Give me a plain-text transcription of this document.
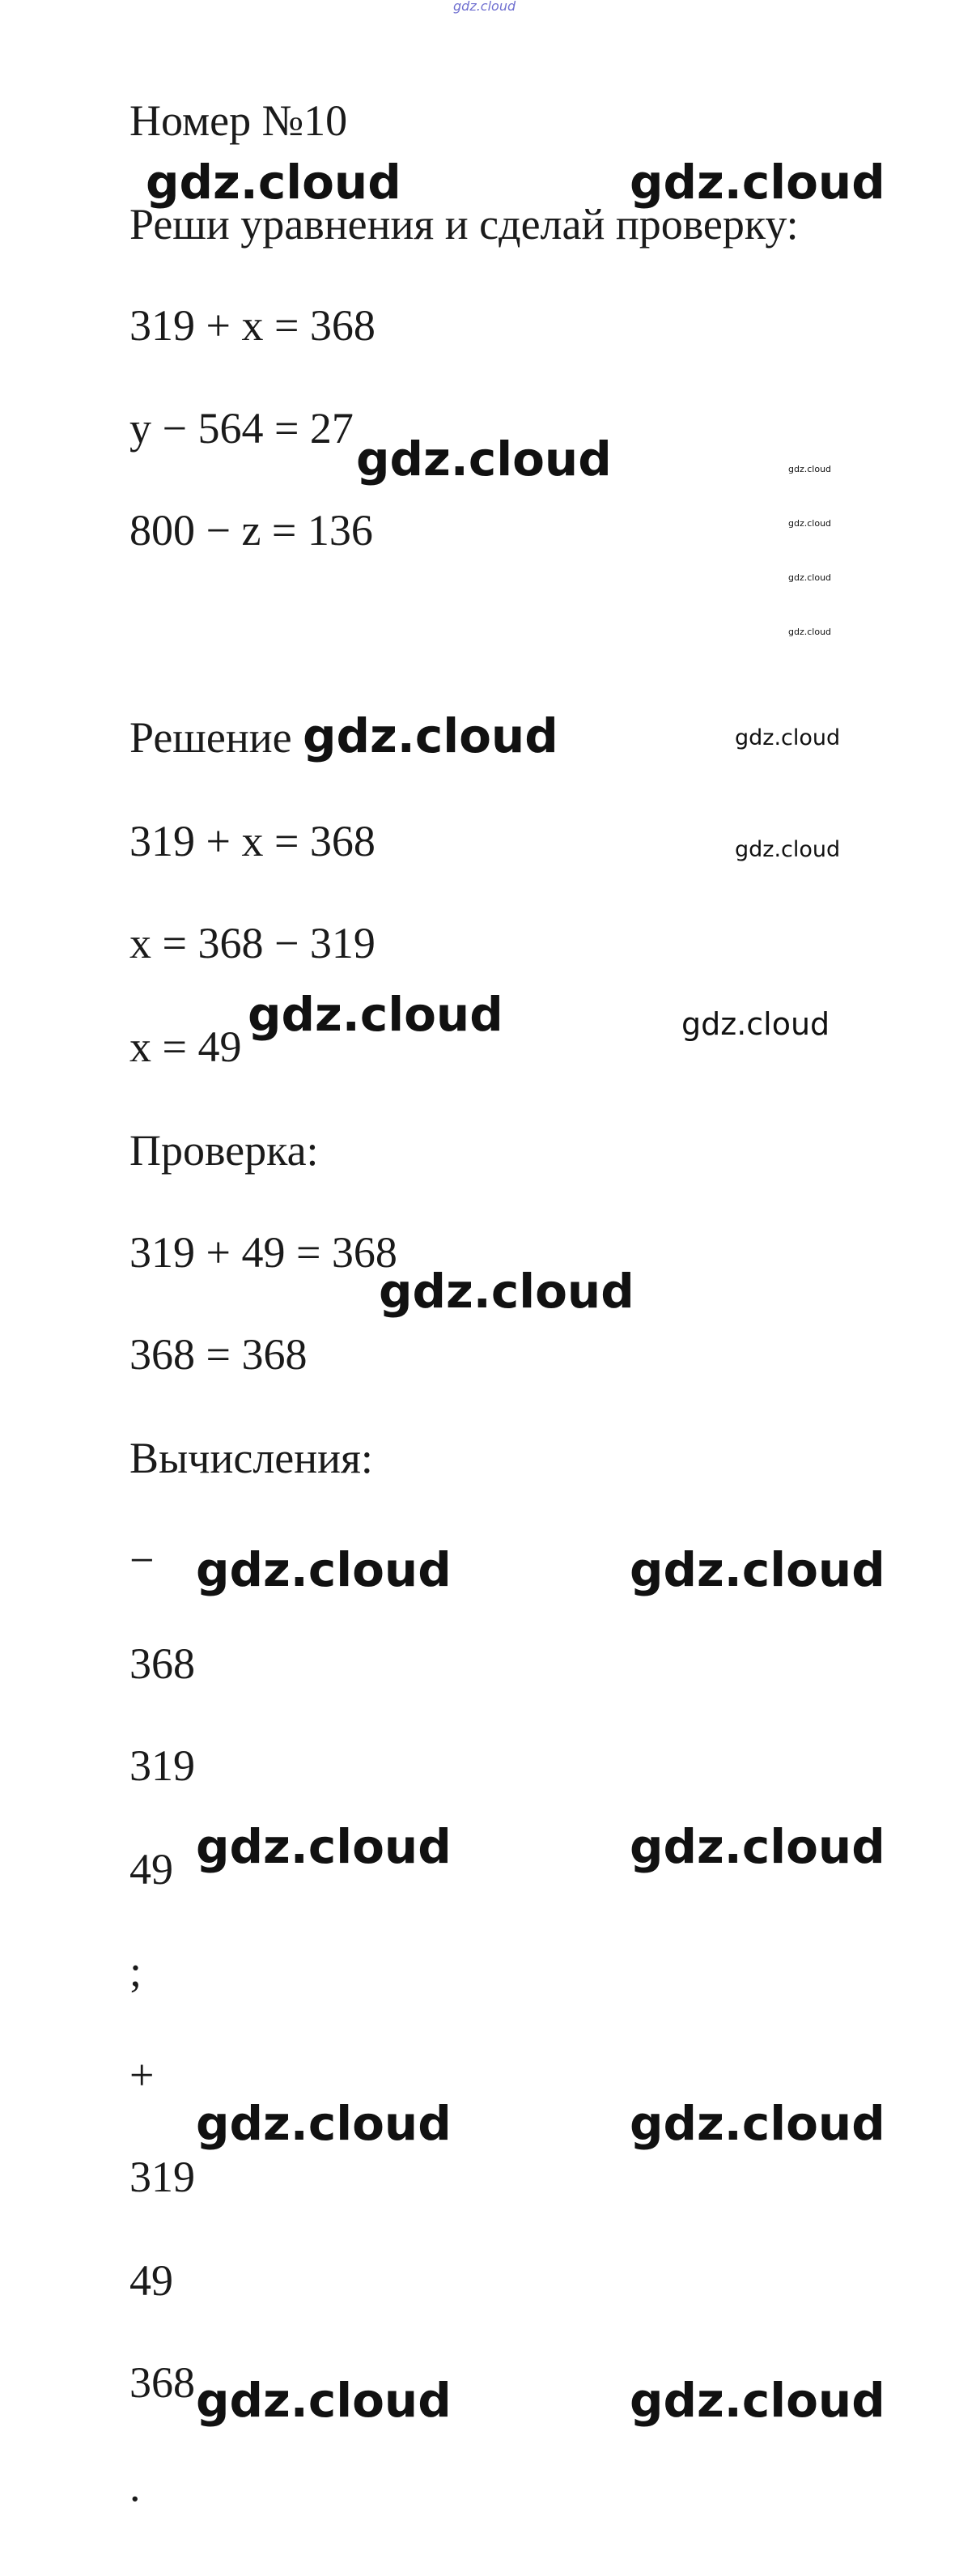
gdz.cloud
Номер №10
Реши уравнения и сделай проверку:
319 + x = 368
y − 564 = 27
800 − z = 136
Решение
319 + x = 368
x = 368 − 319
x = 49
Проверка:
319 + 49 = 368
368 = 368
Вычисления:
−
368
319
49
;
+
319
49
368
.
gdz.cloud	gdz.cloud
gdz.cloud	gdz.cloud
gdz.cloud
gdz.cloud
gdz.cloud
gdz.cloud	gdz.cloud
gdz.cloud
gdz.cloud	gdz.cloud
gdz.cloud
gdz.cloud	gdz.cloud
gdz.cloud	gdz.cloud
gdz.cloud	gdz.cloud
gdz.cloud	gdz.cloud
